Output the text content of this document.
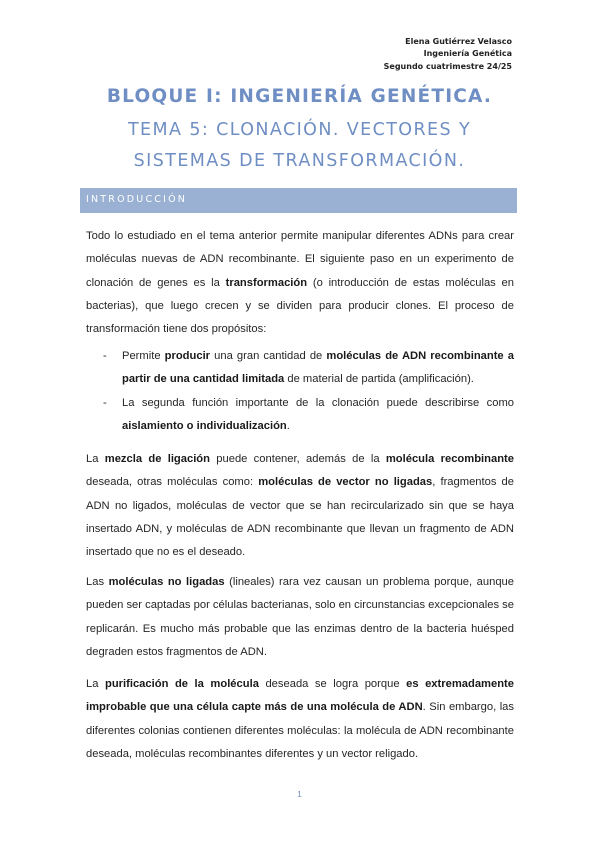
Elena Gutiérrez Velasco
Ingeniería Genética
Segundo cuatrimestre 24/25
BLOQUE I: INGENIERÍA GENÉTICA.
TEMA 5: CLONACIÓN. VECTORES Y
SISTEMAS DE TRANSFORMACIÓN.
INTRODUCCIÓN
Todo lo estudiado en el tema anterior permite manipular diferentes ADNs para crear moléculas nuevas de ADN recombinante. El siguiente paso en un experimento de clonación de genes es la transformación (o introducción de estas moléculas en bacterias), que luego crecen y se dividen para producir clones. El proceso de transformación tiene dos propósitos:
- Permite producir una gran cantidad de moléculas de ADN recombinante a partir de una cantidad limitada de material de partida (amplificación).
- La segunda función importante de la clonación puede describirse como aislamiento o individualización.
La mezcla de ligación puede contener, además de la molécula recombinante deseada, otras moléculas como: moléculas de vector no ligadas, fragmentos de ADN no ligados, moléculas de vector que se han recircularizado sin que se haya insertado ADN, y moléculas de ADN recombinante que llevan un fragmento de ADN insertado que no es el deseado.
Las moléculas no ligadas (lineales) rara vez causan un problema porque, aunque pueden ser captadas por células bacterianas, solo en circunstancias excepcionales se replicarán. Es mucho más probable que las enzimas dentro de la bacteria huésped degraden estos fragmentos de ADN.
La purificación de la molécula deseada se logra porque es extremadamente improbable que una célula capte más de una molécula de ADN. Sin embargo, las diferentes colonias contienen diferentes moléculas: la molécula de ADN recombinante deseada, moléculas recombinantes diferentes y un vector religado.
1
